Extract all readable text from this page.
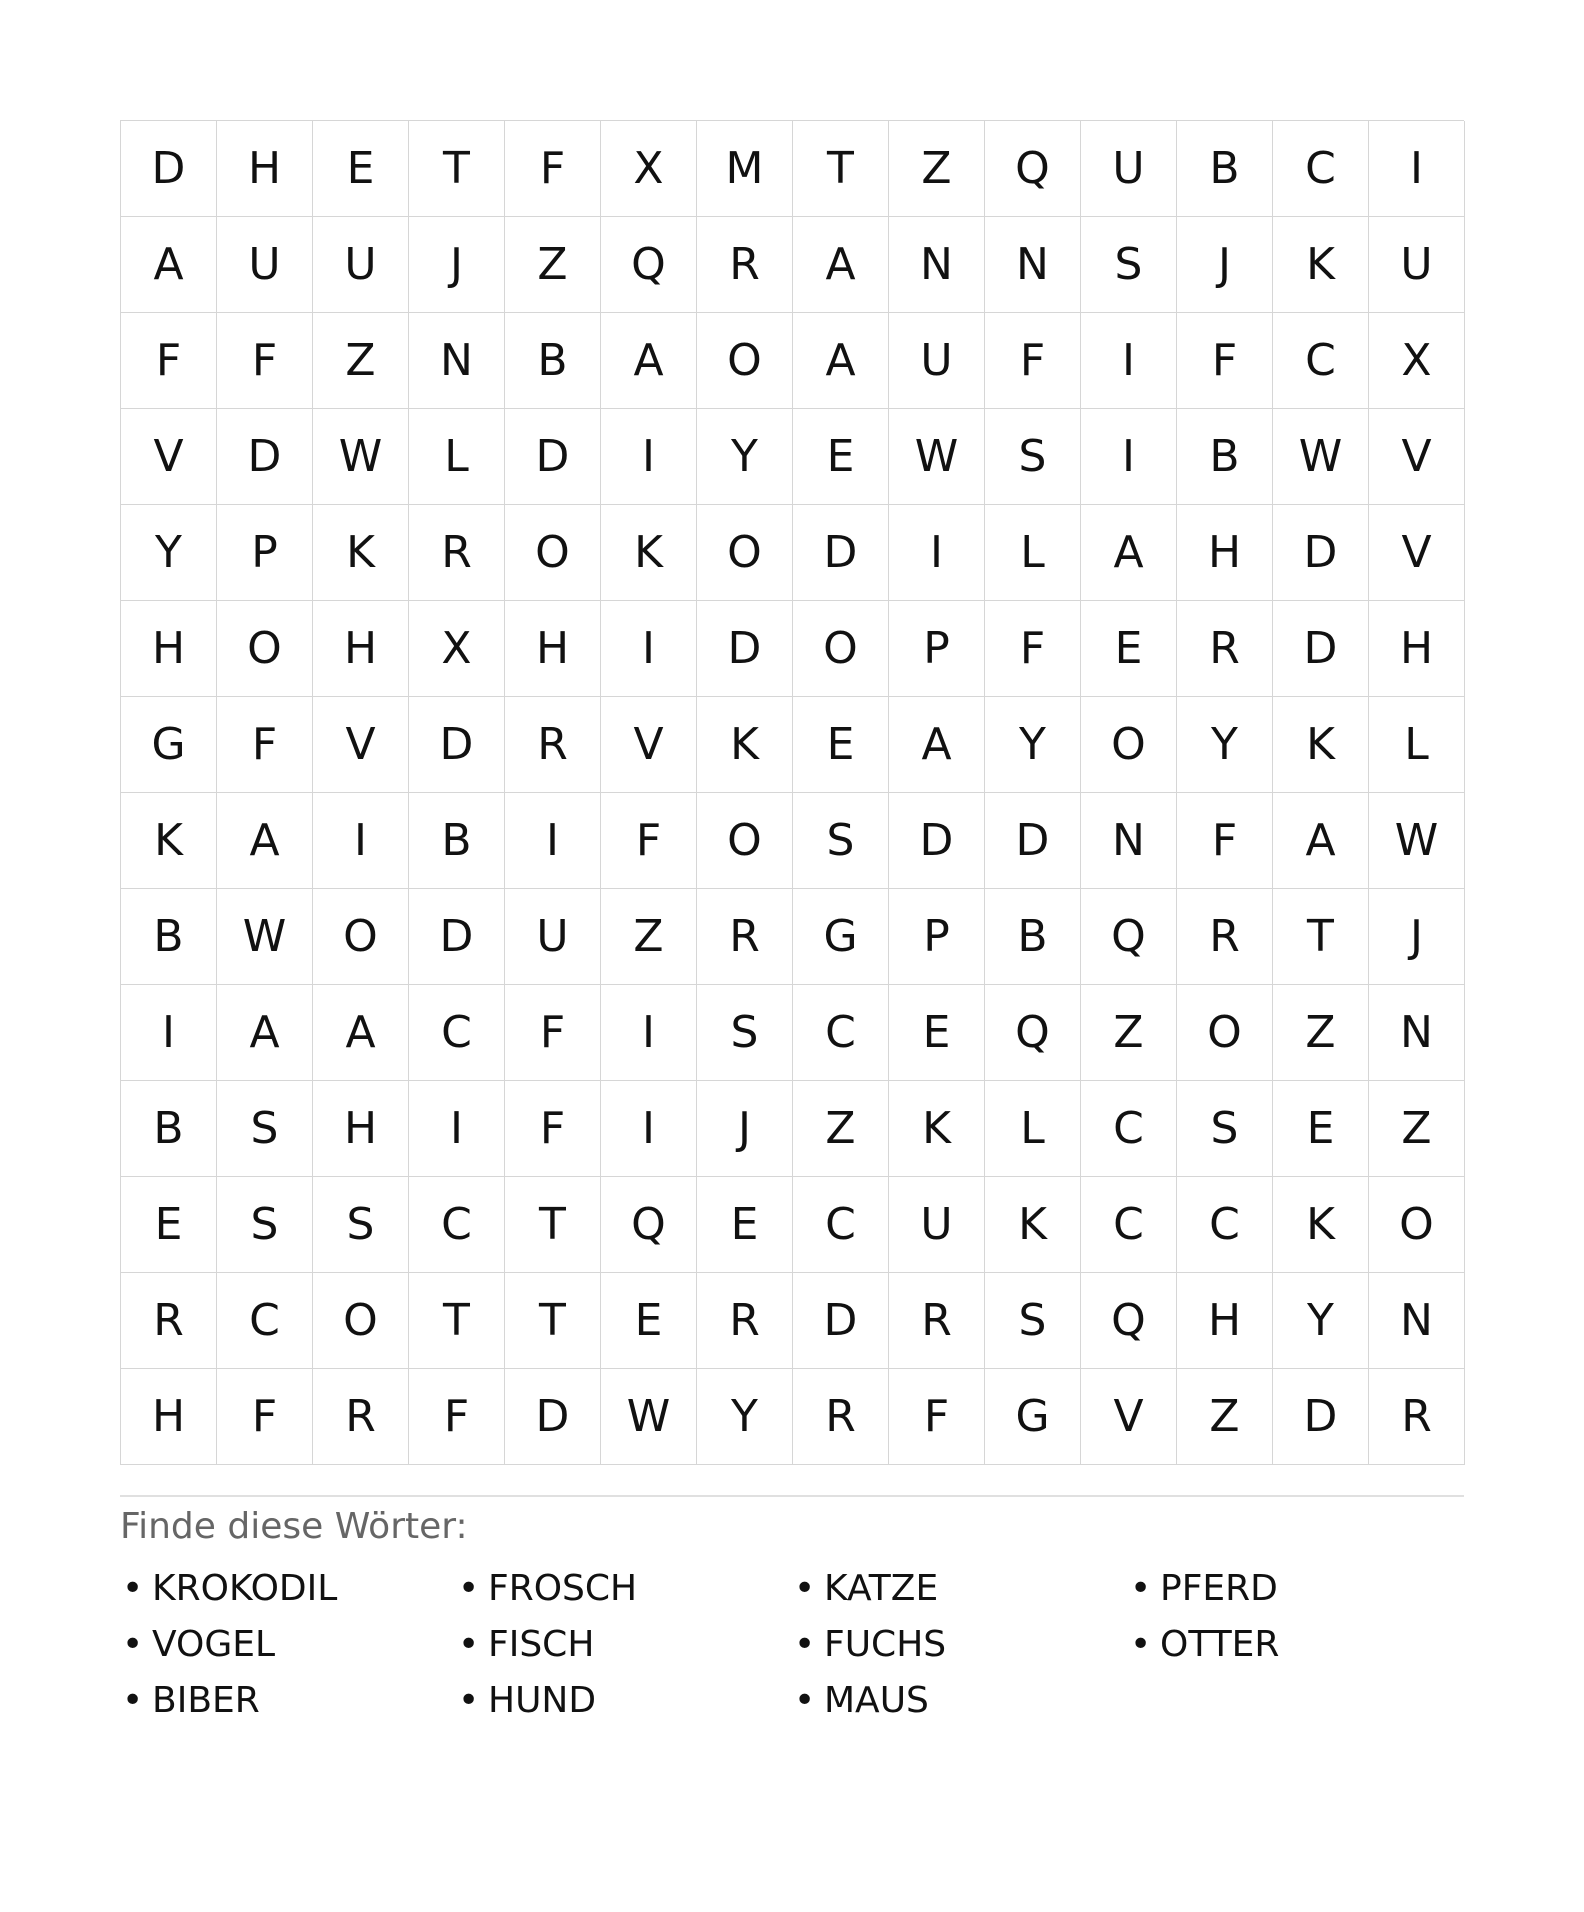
D	H	E	T	F	X	M	T	Z	Q	U	B	C	I
A	U	U	J	Z	Q	R	A	N	N	S	J	K	U
F	F	Z	N	B	A	O	A	U	F	I	F	C	X
V	D	W	L	D	I	Y	E	W	S	I	B	W	V
Y	P	K	R	O	K	O	D	I	L	A	H	D	V
H	O	H	X	H	I	D	O	P	F	E	R	D	H
G	F	V	D	R	V	K	E	A	Y	O	Y	K	L
K	A	I	B	I	F	O	S	D	D	N	F	A	W
B	W	O	D	U	Z	R	G	P	B	Q	R	T	J
I	A	A	C	F	I	S	C	E	Q	Z	O	Z	N
B	S	H	I	F	I	J	Z	K	L	C	S	E	Z
E	S	S	C	T	Q	E	C	U	K	C	C	K	O
R	C	O	T	T	E	R	D	R	S	Q	H	Y	N
H	F	R	F	D	W	Y	R	F	G	V	Z	D	R
Finde diese Wörter:
• KROKODIL	• FROSCH	• KATZE	• PFERD
• VOGEL	• FISCH	• FUCHS	• OTTER
• BIBER	• HUND	• MAUS
